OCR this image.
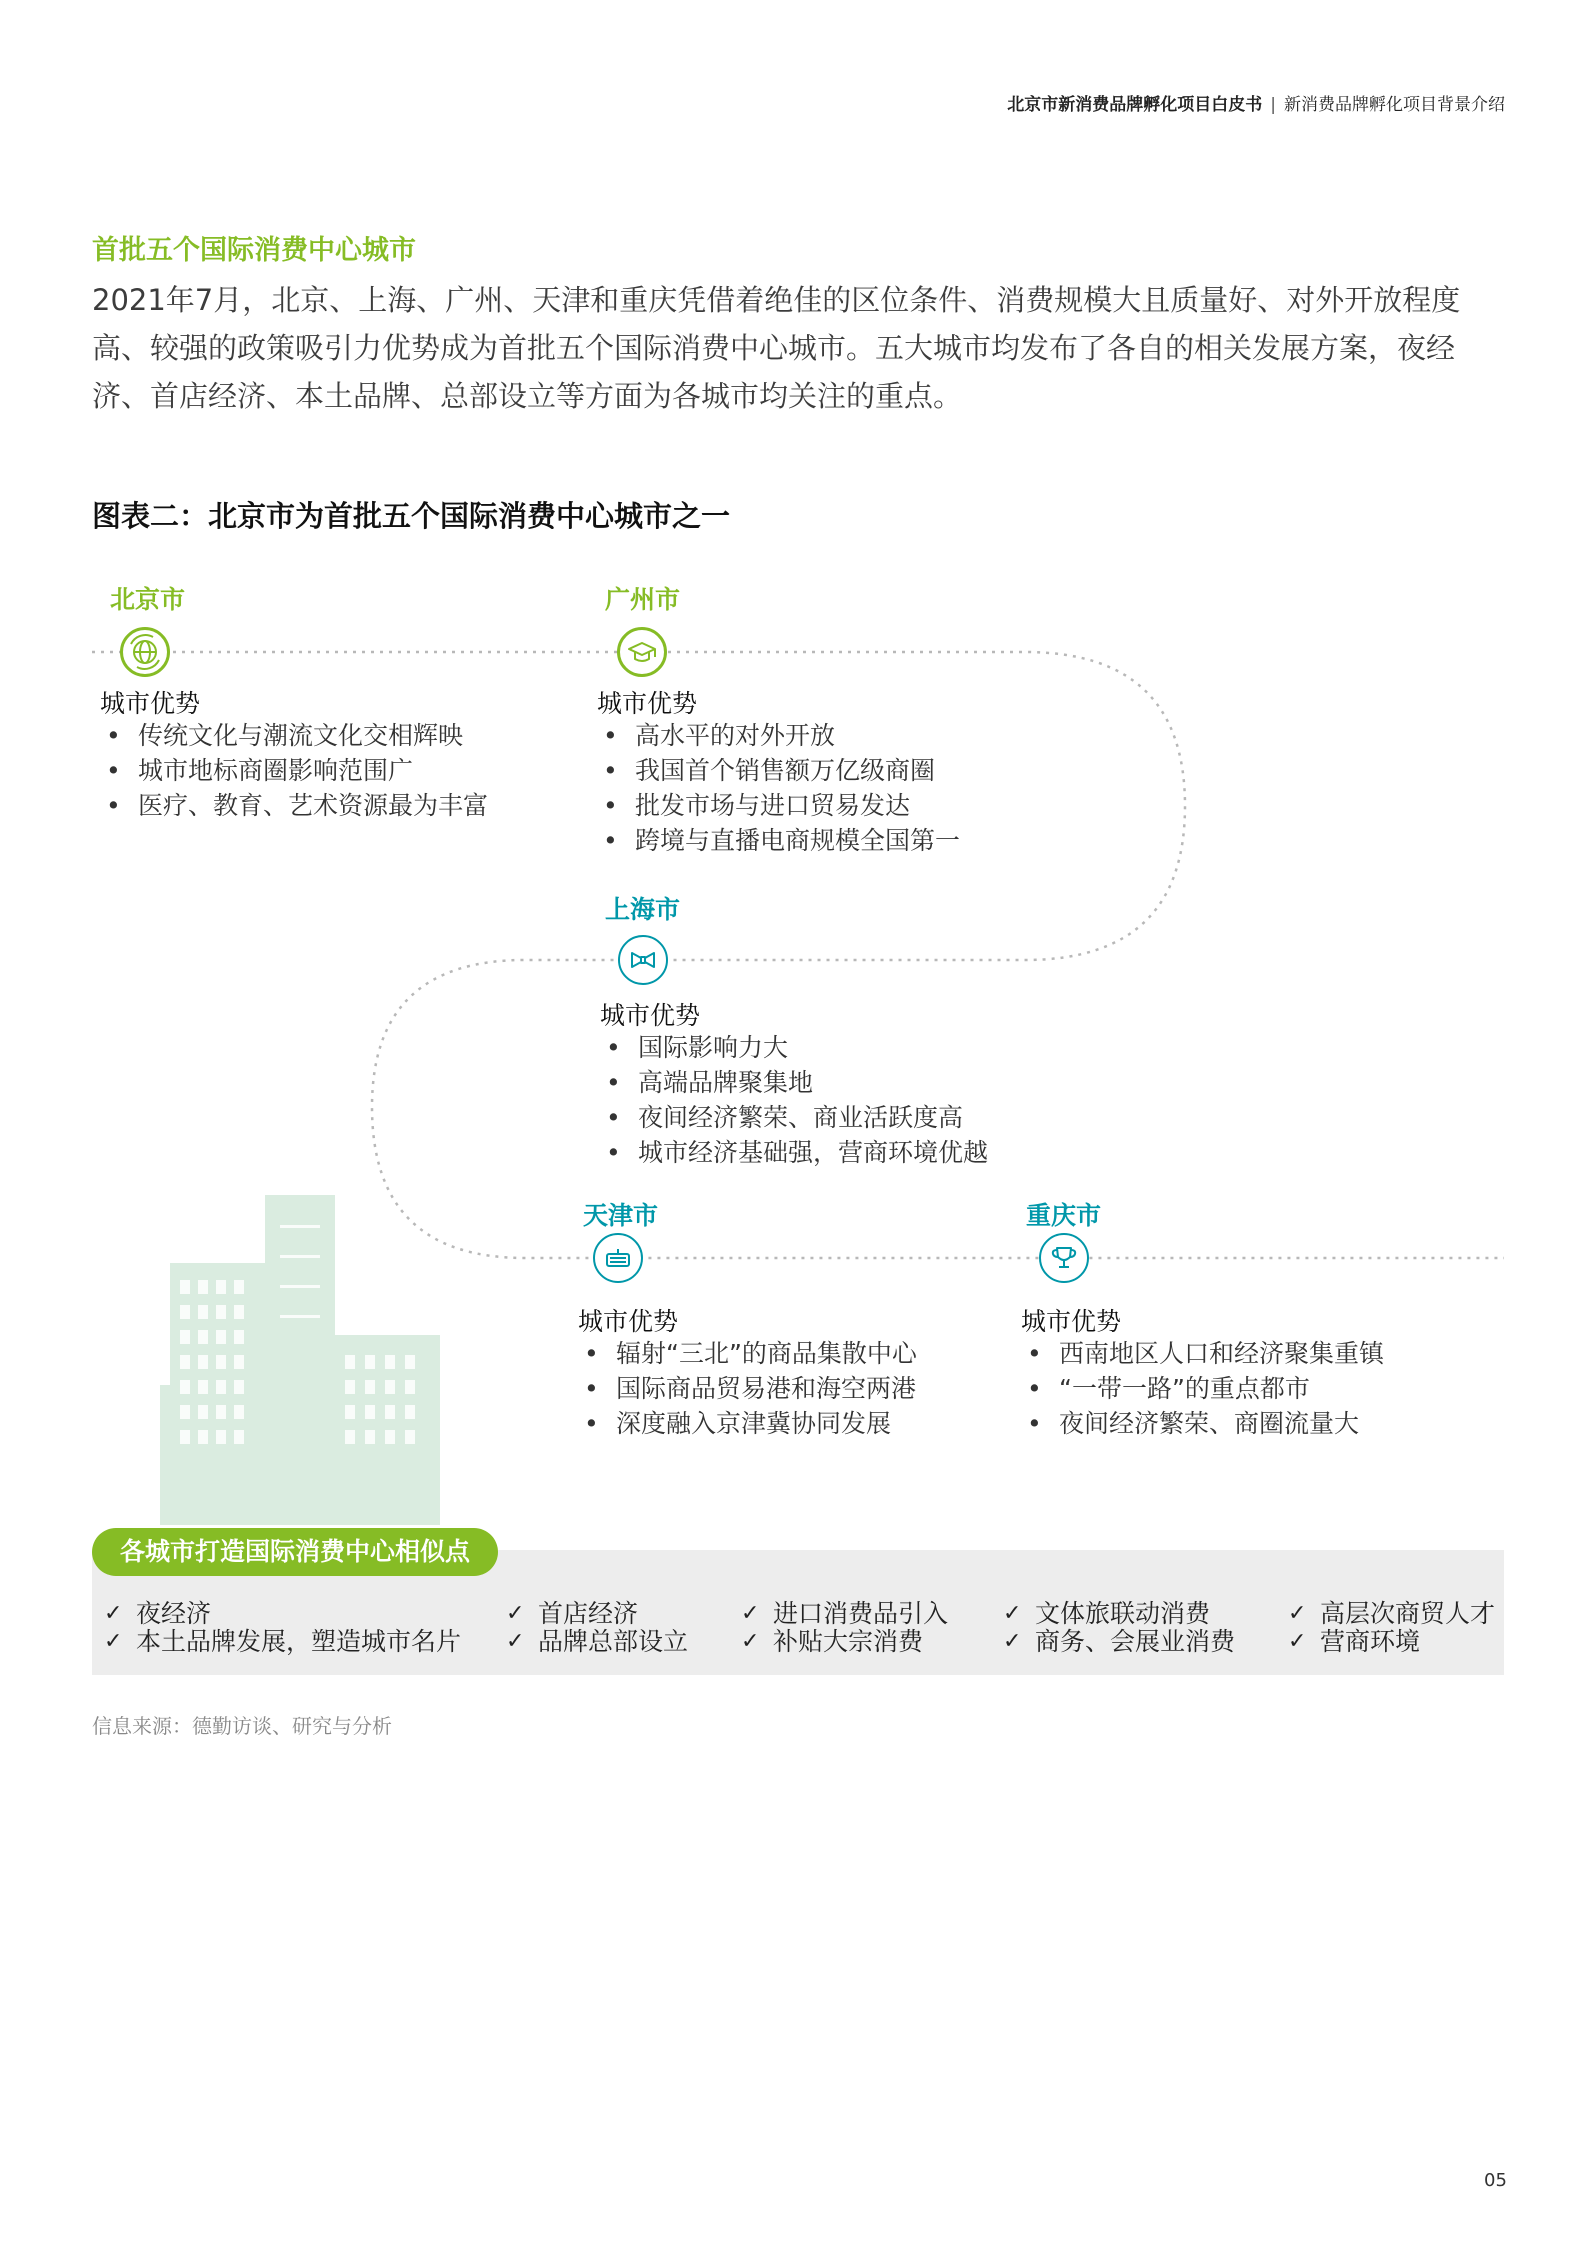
北京市新消费品牌孵化项目白皮书 | 新消费品牌孵化项目背景介绍
首批五个国际消费中心城市

2021年7月，北京、上海、广州、天津和重庆凭借着绝佳的区位条件、消费规模大且质量好、对外开放程度

高、较强的政策吸引力优势成为首批五个国际消费中心城市。五大城市均发布了各自的相关发展方案，夜经

济、首店经济、本土品牌、总部设立等方面为各城市均关注的重点。

图表二：北京市为首批五个国际消费中心城市之一
北京市
城市优势
• 传统文化与潮流文化交相辉映
• 城市地标商圈影响范围广
• 医疗、教育、艺术资源最为丰富
广州市
城市优势
• 高水平的对外开放
• 我国首个销售额万亿级商圈
• 批发市场与进口贸易发达
• 跨境与直播电商规模全国第一
上海市
城市优势
• 国际影响力大
• 高端品牌聚集地
• 夜间经济繁荣、商业活跃度高
• 城市经济基础强，营商环境优越
天津市
城市优势
• 辐射“三北”的商品集散中心
• 国际商品贸易港和海空两港
• 深度融入京津冀协同发展
重庆市
城市优势
• 西南地区人口和经济聚集重镇
• “一带一路”的重点都市
• 夜间经济繁荣、商圈流量大
各城市打造国际消费中心相似点
✓ 夜经济
✓ 本土品牌发展，塑造城市名片
✓ 首店经济
✓ 品牌总部设立
✓ 进口消费品引入
✓ 补贴大宗消费
✓ 文体旅联动消费
✓ 商务、会展业消费
✓ 高层次商贸人才
✓ 营商环境
信息来源：德勤访谈、研究与分析
05
